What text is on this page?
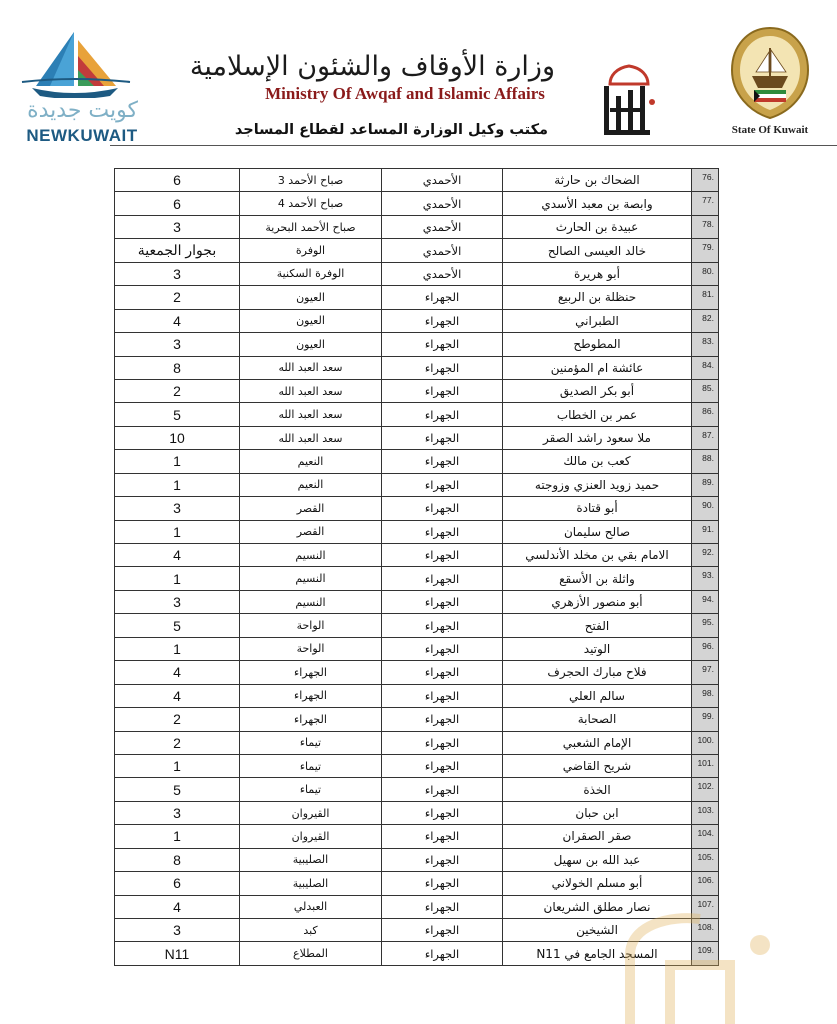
كويت جديدة
NEWKUWAIT
وزارة الأوقاف والشئون الإسلامية
Ministry Of Awqaf and Islamic Affairs
مكتب وكيل الوزارة المساعد لقطاع المساجد	State Of Kuwait
6	صباح الأحمد 3	الأحمدي	الضحاك بن حارثة	76.
6	صباح الأحمد 4	الأحمدي	وابصة بن معبد الأسدي	77.
3	صباح الأحمد البحرية	الأحمدي	عبيدة بن الحارث	78.
بجوار الجمعية	الوفرة	الأحمدي	خالد العيسى الصالح	79.
3	الوفرة السكنية	الأحمدي	أبو هريرة	80.
2	العيون	الجهراء	حنظلة بن الربيع	81.
4	العيون	الجهراء	الطبراني	82.
3	العيون	الجهراء	المطوطح	83.
8	سعد العبد الله	الجهراء	عائشة ام المؤمنين	84.
2	سعد العبد الله	الجهراء	أبو بكر الصديق	85.
5	سعد العبد الله	الجهراء	عمر بن الخطاب	86.
10	سعد العبد الله	الجهراء	ملا سعود راشد الصقر	87.
1	النعيم	الجهراء	كعب بن مالك	88.
1	النعيم	الجهراء	حميد زويد العنزي وزوجته	89.
3	القصر	الجهراء	أبو قتادة	90.
1	القصر	الجهراء	صالح سليمان	91.
4	النسيم	الجهراء	الامام بقي بن مخلد الأندلسي	92.
1	النسيم	الجهراء	واثلة بن الأسقع	93.
3	النسيم	الجهراء	أبو منصور الأزهري	94.
5	الواحة	الجهراء	الفتح	95.
1	الواحة	الجهراء	الوتيد	96.
4	الجهراء	الجهراء	فلاح مبارك الحجرف	97.
4	الجهراء	الجهراء	سالم العلي	98.
2	الجهراء	الجهراء	الصحابة	99.
2	تيماء	الجهراء	الإمام الشعبي	100.
1	تيماء	الجهراء	شريح القاضي	101.
5	تيماء	الجهراء	الخذة	102.
3	القيروان	الجهراء	ابن حبان	103.
1	القيروان	الجهراء	صقر الصقران	104.
8	الصليبية	الجهراء	عبد الله بن سهيل	105.
6	الصليبية	الجهراء	أبو مسلم الخولاني	106.
4	العبدلي	الجهراء	نصار مطلق الشريعان	107.
3	كبد	الجهراء	الشيخين	108.
N11	المطلاع	الجهراء	المسجد الجامع في N11	109.
